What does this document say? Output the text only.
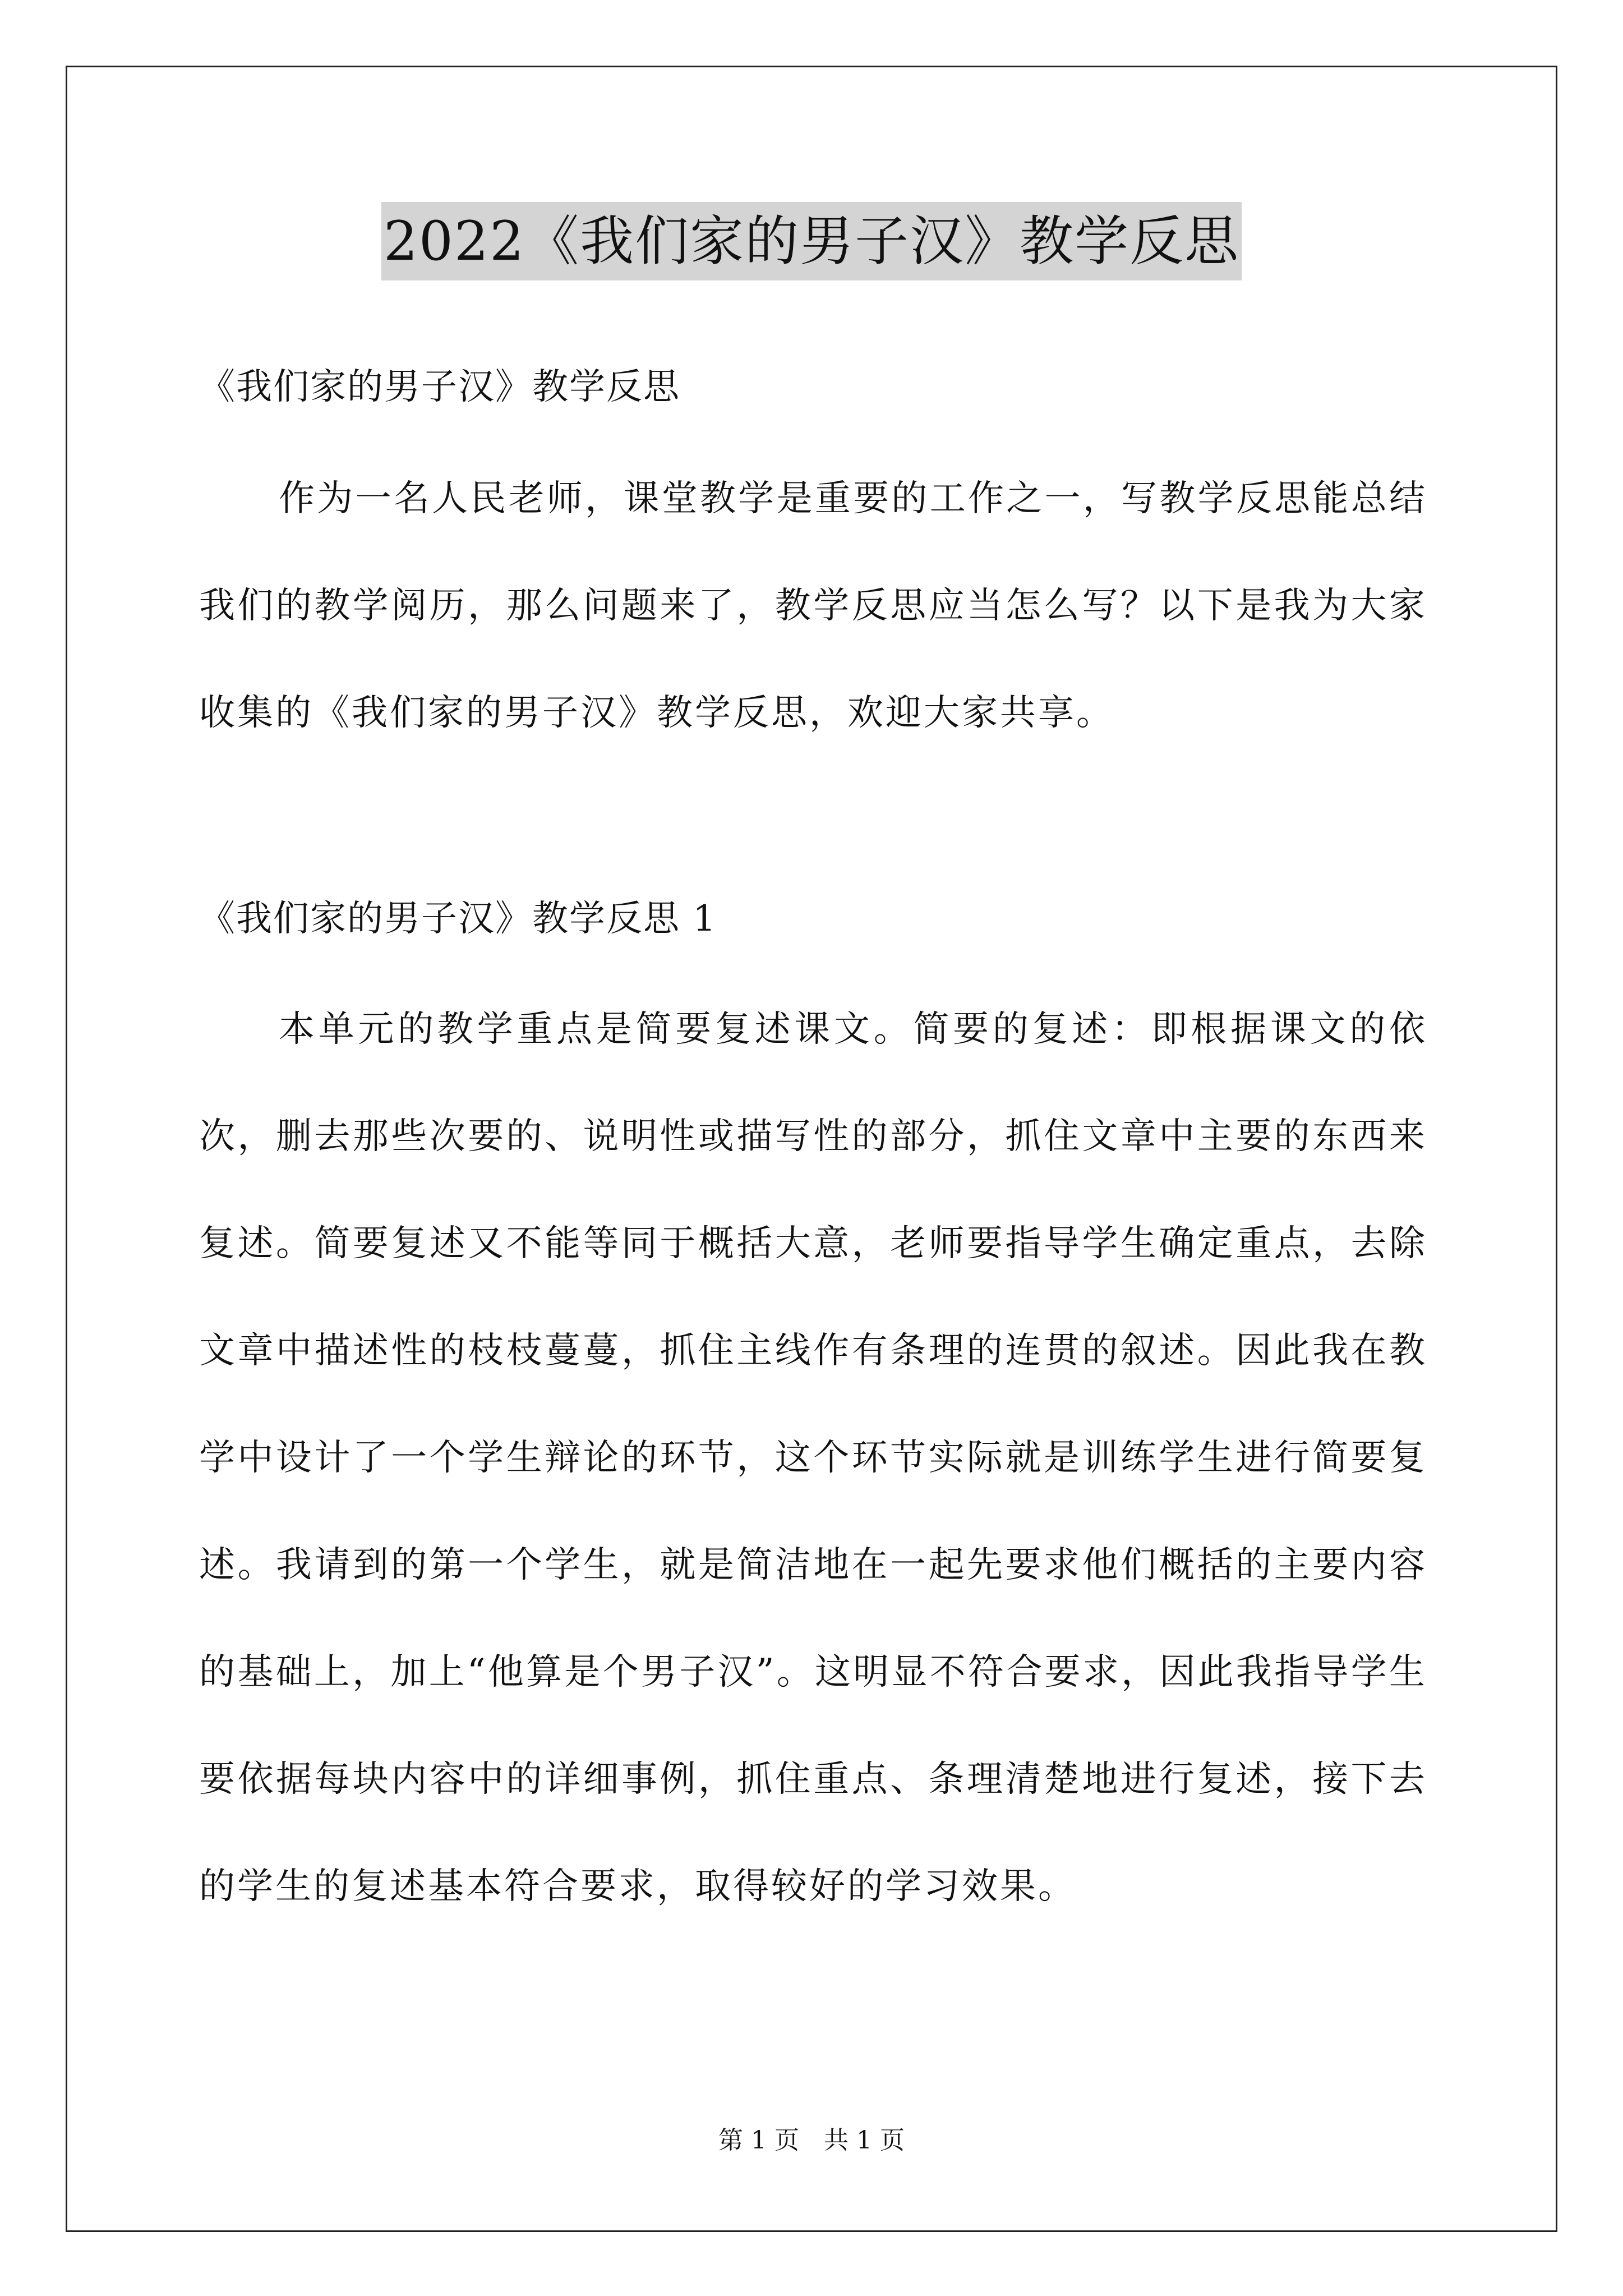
2022《我们家的男子汉》教学反思
《我们家的男子汉》教学反思
作为一名人民老师，课堂教学是重要的工作之一，写教学反思能总结我们的教学阅历，那么问题来了，教学反思应当怎么写？以下是我为大家收集的《我们家的男子汉》教学反思，欢迎大家共享。
《我们家的男子汉》教学反思 1
本单元的教学重点是简要复述课文。简要的复述：即根据课文的依次，删去那些次要的、说明性或描写性的部分，抓住文章中主要的东西来复述。简要复述又不能等同于概括大意，老师要指导学生确定重点，去除文章中描述性的枝枝蔓蔓，抓住主线作有条理的连贯的叙述。因此我在教学中设计了一个学生辩论的环节，这个环节实际就是训练学生进行简要复述。我请到的第一个学生，就是简洁地在一起先要求他们概括的主要内容的基础上，加上“他算是个男子汉”。这明显不符合要求，因此我指导学生要依据每块内容中的详细事例，抓住重点、条理清楚地进行复述，接下去的学生的复述基本符合要求，取得较好的学习效果。
第 1 页　共 1 页
